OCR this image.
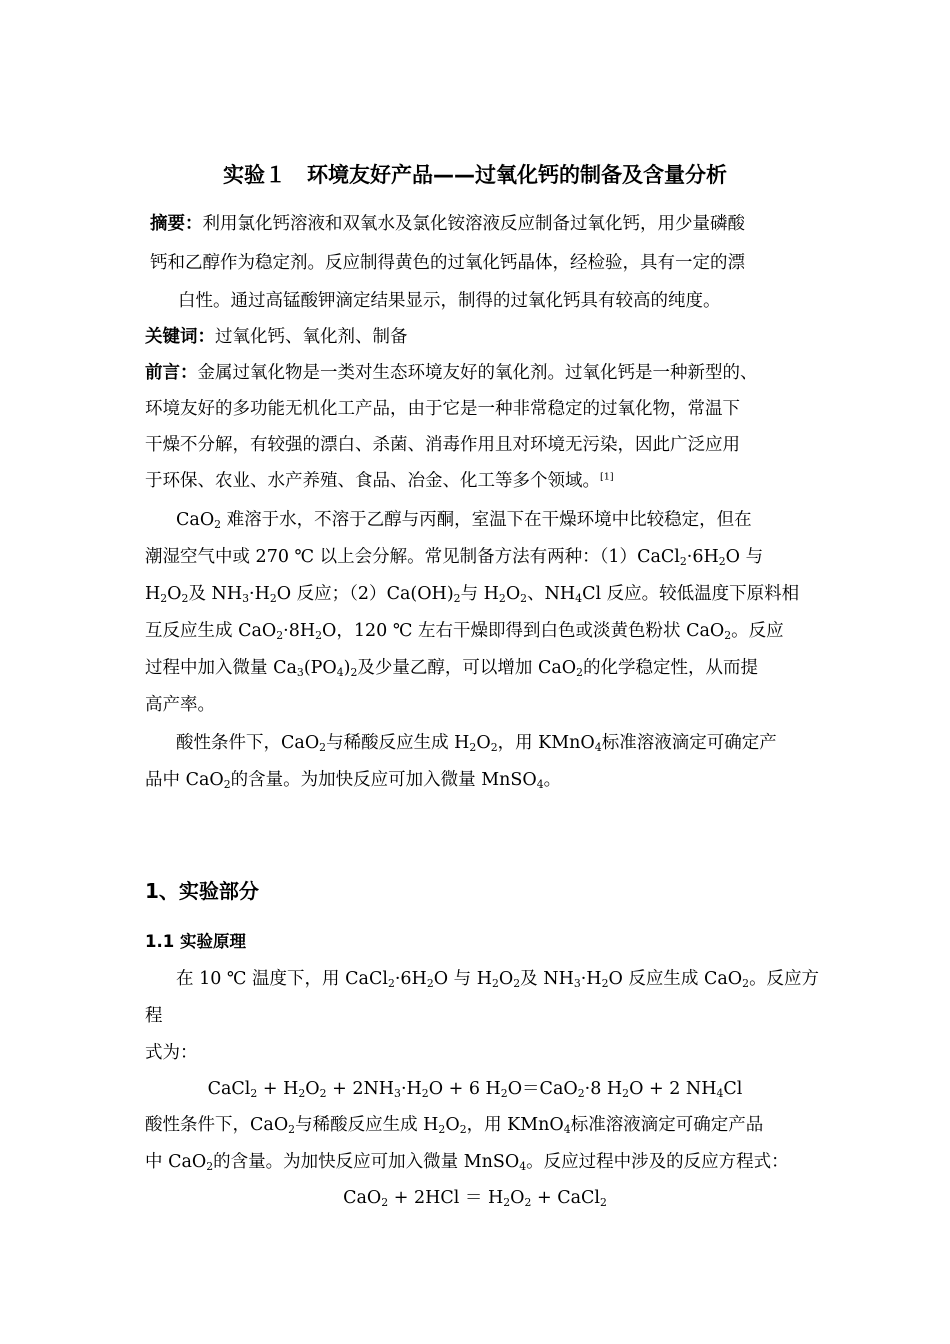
实验１　环境友好产品——过氧化钙的制备及含量分析
摘要：利用氯化钙溶液和双氧水及氯化铵溶液反应制备过氧化钙，用少量磷酸
钙和乙醇作为稳定剂。反应制得黄色的过氧化钙晶体，经检验，具有一定的漂
白性。通过高锰酸钾滴定结果显示，制得的过氧化钙具有较高的纯度。
关键词：过氧化钙、氧化剂、制备
前言：金属过氧化物是一类对生态环境友好的氧化剂。过氧化钙是一种新型的、
环境友好的多功能无机化工产品，由于它是一种非常稳定的过氧化物，常温下
干燥不分解，有较强的漂白、杀菌、消毒作用且对环境无污染，因此广泛应用
于环保、农业、水产养殖、食品、冶金、化工等多个领域。[1]
CaO$_2$ 难溶于水，不溶于乙醇与丙酮，室温下在干燥环境中比较稳定，但在
潮湿空气中或 270 ℃ 以上会分解。常见制备方法有两种：$(1)CaCl_2\cdot 6H_2O$ 与
$H_2O_2$及 $NH_3\cdot H_2O$ 反应；$(2)Ca(OH)_2$与 $H_2O_2$、$NH_4Cl$ 反应。较低温度下原料相
互反应生成 $CaO_2\cdot 8H_2O$，120 ℃ 左右干燥即得到白色或淡黄色粉状 CaO$_2$。反应
过程中加入微量 $Ca_3(PO_4)_2$及少量乙醇，可以增加 CaO$_2$的化学稳定性，从而提
高产率。
酸性条件下，CaO$_2$与稀酸反应生成 $H_2O_2$，用 KMnO$_4$标准溶液滴定可确定产
品中 CaO$_2$的含量。为加快反应可加入微量 MnSO$_4$。
1、实验部分
1.1 实验原理
在 10 ℃ 温度下，用 $CaCl_2\cdot 6H_2O$ 与 $H_2O_2$及 $NH_3\cdot H_2O$ 反应生成 CaO$_2$。反应方
程
式为：
CaCl$_2$ + $H_2O_2 + 2NH_3\cdot H_2O + 6$ $H_2O=CaO_2\cdot 8$ $H_2O + 2$ $NH_4Cl$
酸性条件下，CaO$_2$与稀酸反应生成 $H_2O_2$，用 KMnO$_4$标准溶液滴定可确定产品
中 CaO$_2$的含量。为加快反应可加入微量 MnSO$_4$。反应过程中涉及的反应方程式：
$CaO_2 + 2HCl = H_2O_2$ + CaCl$_2$
